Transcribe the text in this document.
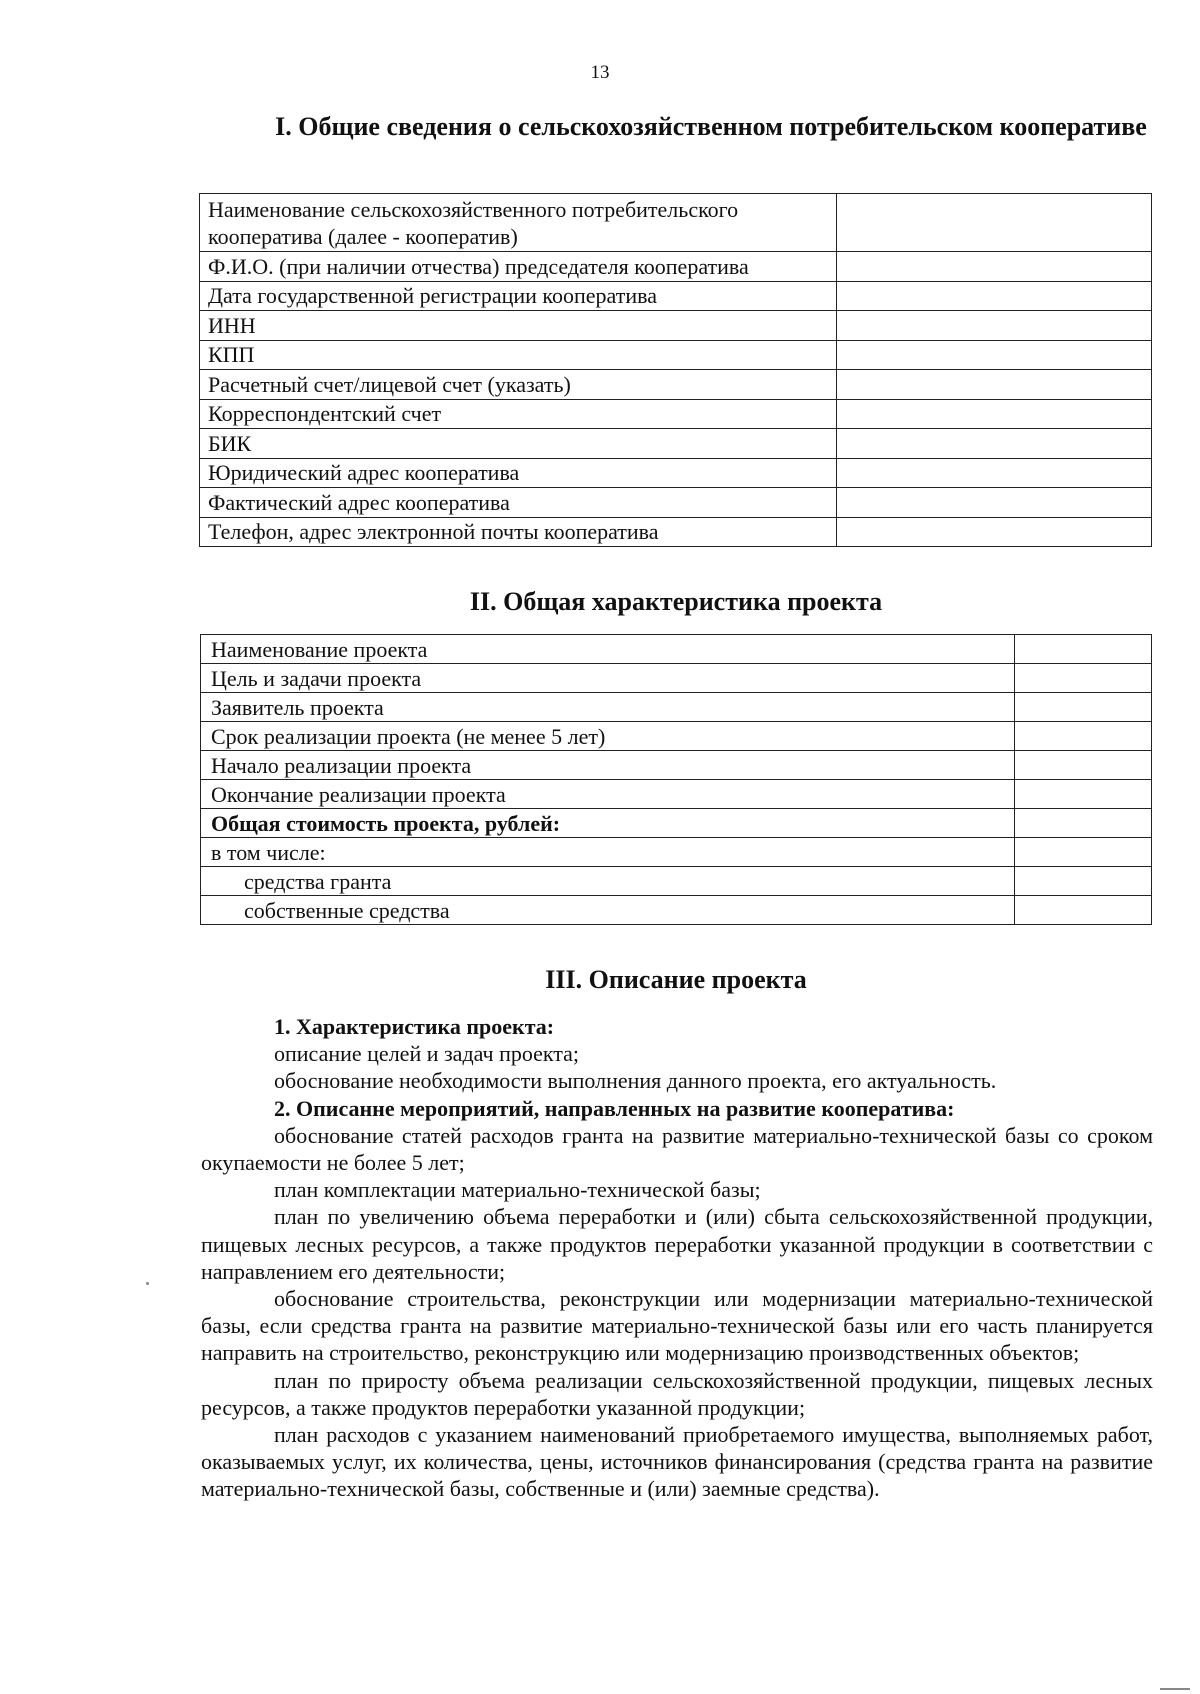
13
I. Общие сведения о сельскохозяйственном потребительском кооперативе
Наименование сельскохозяйственного потребительского кооператива (далее - кооператив)	
Ф.И.О. (при наличии отчества) председателя кооператива	
Дата государственной регистрации кооператива	
ИНН	
КПП	
Расчетный счет/лицевой счет (указать)	
Корреспондентский счет	
БИК	
Юридический адрес кооператива	
Фактический адрес кооператива	
Телефон, адрес электронной почты кооператива	
II. Общая характеристика проекта
Наименование проекта	
Цель и задачи проекта	
Заявитель проекта	
Срок реализации проекта (не менее 5 лет)	
Начало реализации проекта	
Окончание реализации проекта	
Общая стоимость проекта, рублей:	
в том числе:	
средства гранта	
собственные средства	
III. Описание проекта

1. Характеристика проекта:

описание целей и задач проекта;

обоснование необходимости выполнения данного проекта, его актуальность.

2. Описанне мероприятий, направленных на развитие кооператива:

обоснование статей расходов гранта на развитие материально-технической базы со сроком окупаемости не более 5 лет;

план комплектации материально-технической базы;

план по увеличению объема переработки и (или) сбыта сельскохозяйственной продукции, пищевых лесных ресурсов, а также продуктов переработки указанной продукции в соответствии с направлением его деятельности;

обоснование строительства, реконструкции или модернизации материально-технической базы, если средства гранта на развитие материально-технической базы или его часть планируется направить на строительство, реконструкцию или модернизацию производственных объектов;

план по приросту объема реализации сельскохозяйственной продукции, пищевых лесных ресурсов, а также продуктов переработки указанной продукции;

план расходов с указанием наименований приобретаемого имущества, выполняемых работ, оказываемых услуг, их количества, цены, источников финансирования (средства гранта на развитие материально-технической базы, собственные и (или) заемные средства).
